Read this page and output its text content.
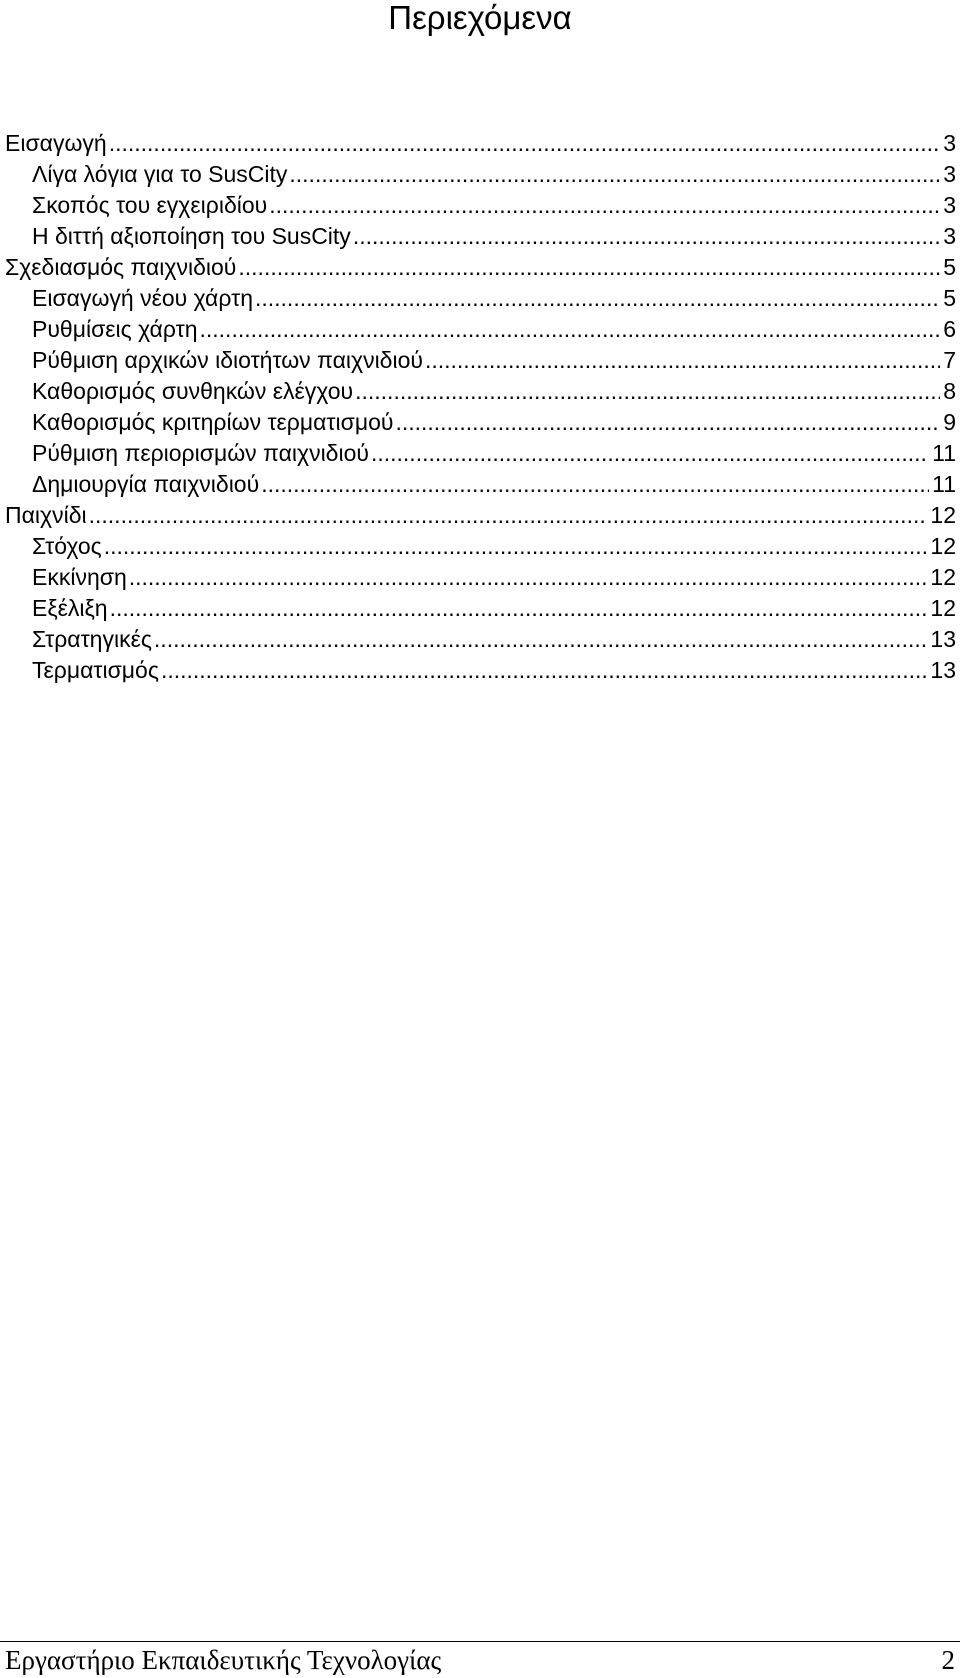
Περιεχόμενα
Εισαγωγή .....	3
Λίγα λόγια για το SusCity .....	3
Σκοπός του εγχειριδίου .....	3
Η διττή αξιοποίηση του SusCity .....	3
Σχεδιασμός παιχνιδιού .....	5
Εισαγωγή νέου χάρτη .....	5
Ρυθμίσεις χάρτη .....	6
Ρύθμιση αρχικών ιδιοτήτων παιχνιδιού .....	7
Καθορισμός συνθηκών ελέγχου .....	8
Καθορισμός κριτηρίων τερματισμού .....	9
Ρύθμιση περιορισμών παιχνιδιού .....	11
Δημιουργία παιχνιδιού .....	11
Παιχνίδι .....	12
Στόχος .....	12
Εκκίνηση .....	12
Εξέλιξη .....	12
Στρατηγικές .....	13
Τερματισμός .....	13
Εργαστήριο Εκπαιδευτικής Τεχνολογίας	2
